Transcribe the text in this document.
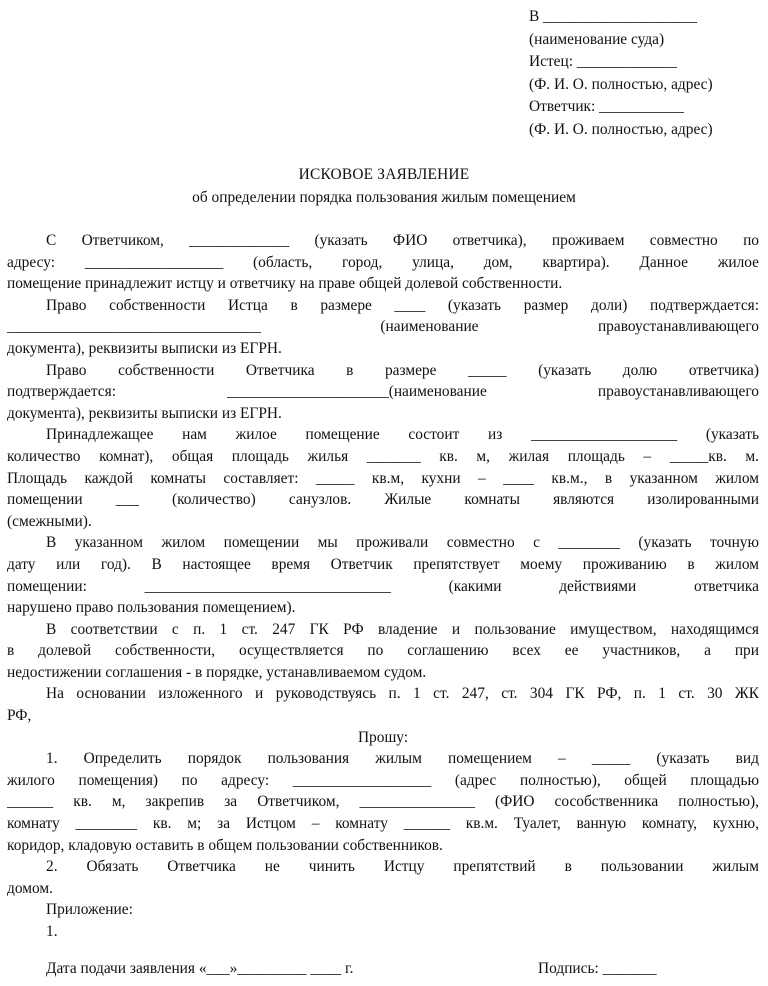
В ____________________
(наименование суда)
Истец: _____________
(Ф. И. О. полностью, адрес)
Ответчик: ___________
(Ф. И. О. полностью, адрес)
ИСКОВОЕ ЗАЯВЛЕНИЕ
об определении порядка пользования жилым помещением
С Ответчиком, _____________ (указать ФИО ответчика), проживаем совместно по
адресу: __________________ (область, город, улица, дом, квартира). Данное жилое
помещение принадлежит истцу и ответчику на праве общей долевой собственности.
Право собственности Истца в размере ____ (указать размер доли) подтверждается:
_________________________________ (наименование правоустанавливающего
документа), реквизиты выписки из ЕГРН.
Право собственности Ответчика в размере _____ (указать долю ответчика)
подтверждается: _____________________(наименование правоустанавливающего
документа), реквизиты выписки из ЕГРН.
Принадлежащее нам жилое помещение состоит из ___________________ (указать
количество комнат), общая площадь жилья _______ кв. м, жилая площадь – _____кв. м.
Площадь каждой комнаты составляет: _____ кв.м, кухни – ____ кв.м., в указанном жилом
помещении ___ (количество) санузлов. Жилые комнаты являются изолированными
(смежными).
В указанном жилом помещении мы проживали совместно с ________ (указать точную
дату или год). В настоящее время Ответчик препятствует моему проживанию в жилом
помещении: ________________________________ (какими действиями ответчика
нарушено право пользования помещением).
В соответствии с п. 1 ст. 247 ГК РФ владение и пользование имуществом, находящимся
в долевой собственности, осуществляется по соглашению всех ее участников, а при
недостижении соглашения - в порядке, устанавливаемом судом.
На основании изложенного и руководствуясь п. 1 ст. 247, ст. 304 ГК РФ, п. 1 ст. 30 ЖК
РФ,
Прошу:
1. Определить порядок пользования жилым помещением – _____ (указать вид
жилого помещения) по адресу: __________________ (адрес полностью), общей площадью
______ кв. м, закрепив за Ответчиком, _______________ (ФИО сособственника полностью),
комнату ________ кв. м; за Истцом – комнату ______ кв.м. Туалет, ванную комнату, кухню,
коридор, кладовую оставить в общем пользовании собственников.
2. Обязать Ответчика не чинить Истцу препятствий в пользовании жилым
домом.
Приложение:
1.
Дата подачи заявления «___»_________ ____ г.	Подпись: _______
